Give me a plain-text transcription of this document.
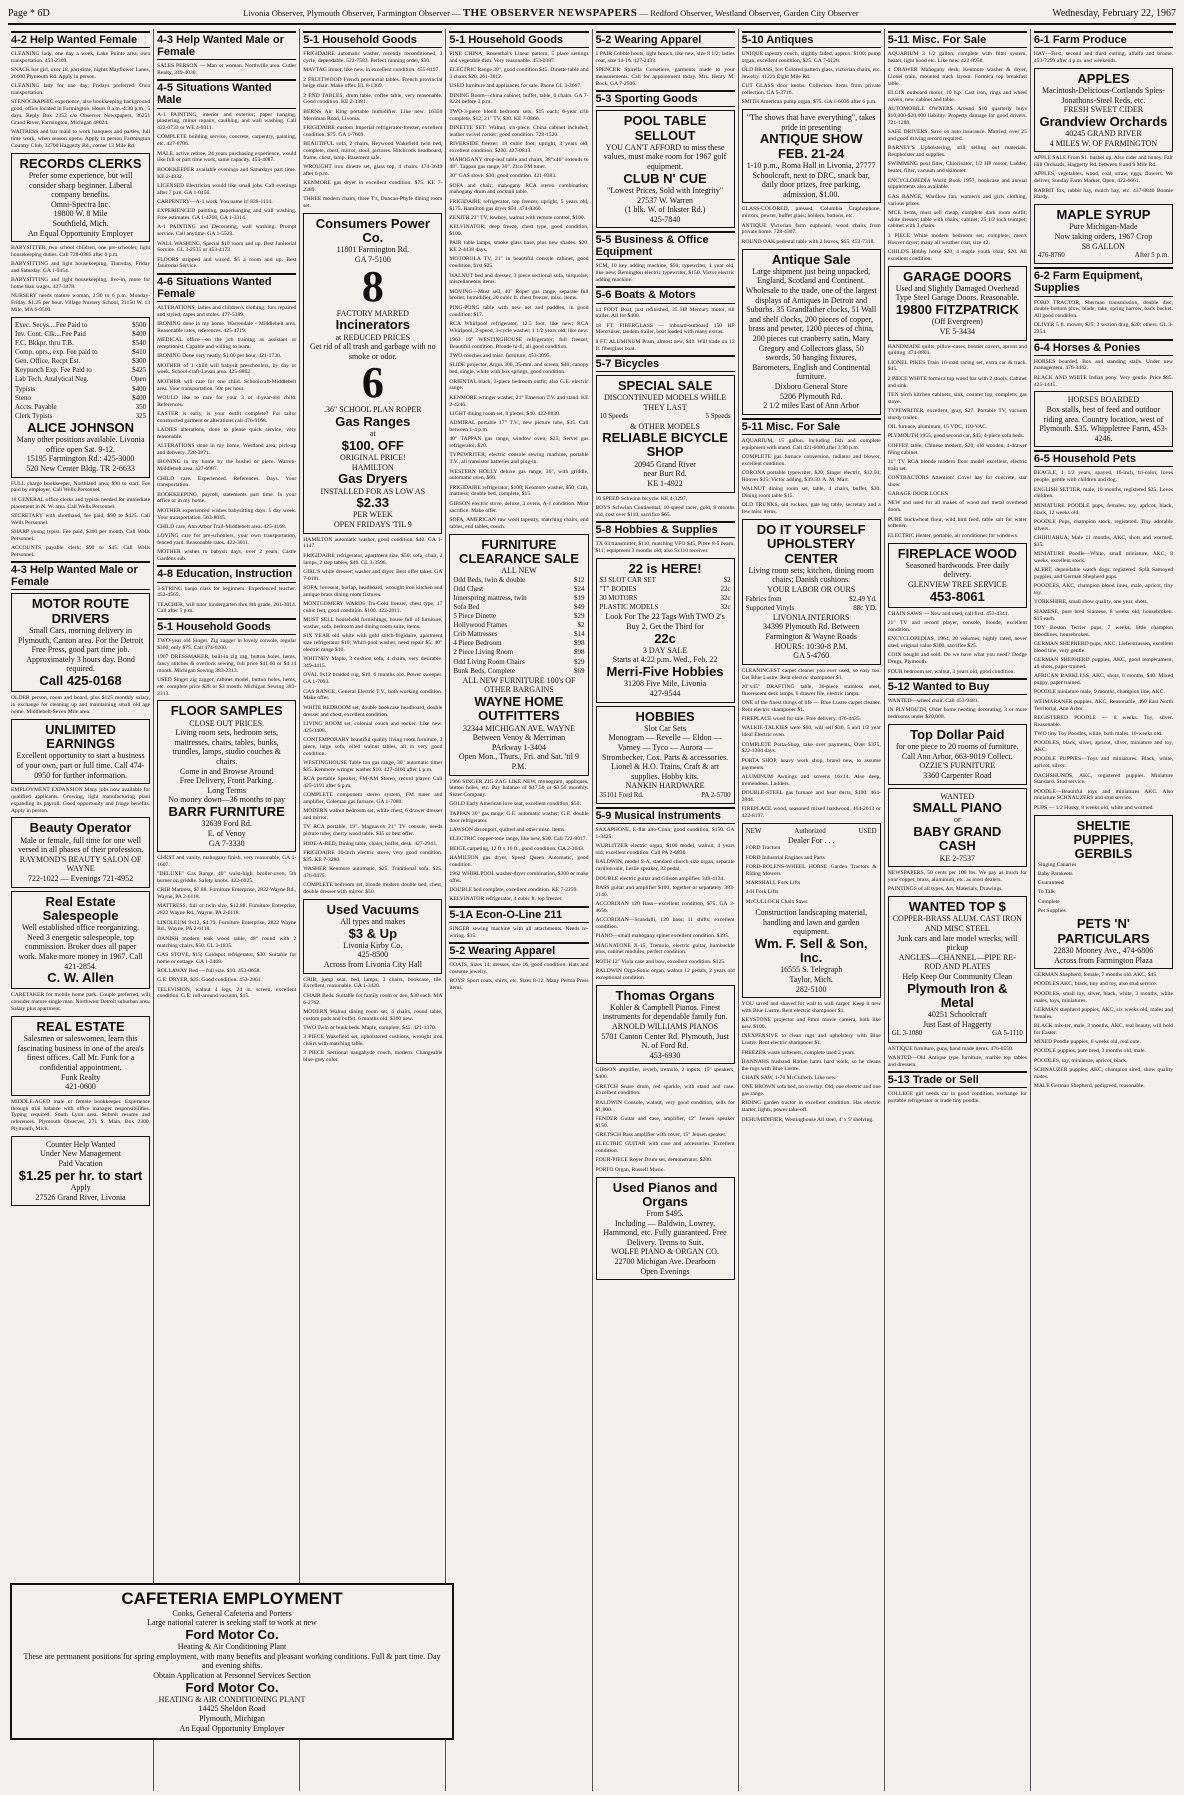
Page * 6D	Livonia Observer, Plymouth Observer, Farmington Observer — THE OBSERVER NEWSPAPERS — Redford Observer, Westland Observer, Garden City Observer	Wednesday, February 22, 1967
4-2 Help Wanted Female

CLEANING lady, one day a week, Lake Pointe area, own transportation. 453-2309.

SNACK bar girl, over 18, part-time, nights Mayflower Lanes, 26600 Plymouth Rd. Apply in person.

CLEANING lady for one day, Fridays preferred. Own transportation.

STENOGRAPHIC experience, also bookkeeping background good, office located in Farmington. Hours 8 a.m.-4:30 p.m., 5 days. Reply Box 2353 c/o Observer Newspapers, 36251 Grand River, Farmington, Michigan 48024.

WAITRESS and bar maid to work banquets and parties, full time work, when season opens. Apply in person Farmington Country Club, 32700 Haggerty Rd., corner 13 Mile Rd.

RECORDS CLERKS
Prefer some experience, but will consider sharp beginner. Liberal company benefits.
Omni-Spectra Inc.
19800 W. 8 Mile
Southfield, Mich.
An Equal Opportunity Employer

BABYSITTER, two school children, one pre-schooler, light housekeeping duties. Call 728-0385 after 6 p.m.

BABYSITTING and light housekeeping, Thursday, Friday and Saturday. GA 1-9454.

BABYSITTING and light housekeeping, live-in, more for home than wages. 427-3478.

NURSERY needs mature woman, 2:30 to 6 p.m. Monday-Friday. $1.25 per hour. Village Nursery School, 31150 W. 13 Mile, MA 6-9500.

Exec. Secys....Fee Paid to	$500
Inv. Cont. Clk....Fee Paid	$400
F.C. Bkkpr. thru T.B.	$540
Comp. oprs., exp. Fee paid to	$410
Gen. Office, Recpt Est.	$300
Keypunch Exp. Fee Paid to	$425
Lab Tech. Analytical Neg.	Open
Typists	$400
Steno	$400
Accts. Payable	350
Clerk Typists	325
ALICE JOHNSON
Many other positions available. Livonia office open Sat. 9-12.
15195 Farmington Rd.: 425-3000
520 New Center Bldg. TR 2-6633

FULL charge bookkeeper, Northland area; $90 to start. Fee paid by employer. Call Wells Personnel.

18 GENERAL office clerks and typists needed for immediate placement in N. W. area. Call Wells Personnel.

SECRETARY with shorthand, fee paid, $90 to $425. Call Wells Personnel.

SHARP young typist. Fee paid, $300 per month. Call Wells Personnel.

ACCOUNTS payable clerk; $90 to $45. Call Wells Personnel.

4-3 Help Wanted Male or Female
MOTOR ROUTE DRIVERS
Small Cars, morning delivery in Plymouth, Canton area. For the Detroit Free Press, good part time job. Approximately 3 hours day. Bond required.
Call 425-0168

OLDER person, room and board, plus $125 monthly salary, in exchange for cleaning up and maintaining small old age home. Middlebelt-Seven Mile area.

UNLIMITED EARNINGS
Excellent opportunity to start a business of your own, part or full time. Call 474-0950 for further information.

EMPLOYMENT EXPANSION Many jobs now available for qualified applicants. Growing, light manufacturing plant expanding its payroll. Good opportunity and fringe benefits. Apply in person.

Beauty Operator
Male or female, full time for one well versed in all phases of their profession.
RAYMOND'S BEAUTY SALON OF WAYNE
722-1022 — Evenings 721-4952
Real Estate Salespeople
Well established office reorganizing. Need 3 energetic salespeople, top commission. Broker does all paper work. Make more money in 1967. Call 421-2854.
C. W. Allen

CARETAKER for mobile home park. Couple preferred, will consider mature single man. Northwest Detroit suburban area. Salary plus apartment.

REAL ESTATE
Salesmen or saleswomen, learn this fascinating business in one of the area's finest offices. Call Mr. Funk for a confidential appointment.
Funk Realty
421-0600

MIDDLE-AGED male or female bookkeeper. Experience through trial balance with office manager responsibilities. Typing required. South Lyon area. Submit resume and references. Plymouth Observer, 271 S. Main, Box 2300, Plymouth, Mich.

Counter Help Wanted
Under New Management
Paid Vacation
$1.25 per hr. to start
Apply
27526 Grand River, Livonia
4-3 Help Wanted Male or Female

SALES PERSON — Man or woman. Northville area. Cutler Realty, 349-4030.

4-5 Situations Wanted Male

A-1 PAINTING, interior and exterior; paper hanging, plastering, minor repairs, caulking, and wall washing. Call 422-0733 or WE 4-0311.

COMPLETE building service, concrete, carpentry, painting, etc. 427-8706.

MALE, active retiree, 24 years purchasing experience, would like full or part time work, same capacity. 453-4087.

BOOKKEEPER available evenings and Saturdays part time. KE 2-4832.

LICENSED Electrician would like small jobs. Call evenings after 7 p.m. GA 1-0456.

CARPENTRY—A-1 work. You name it! 838-1114.

EXPERIENCED painting, paperhanging and wall washing. Free estimates. GA 1-4768, GA 1-3314.

A-1 PAINTING and Decorating, wall washing. Prompt service. Call anytime. GA 1-5523.

WALL WASHING, Special $10 room and up. Best Janitorial Service. GL 3-2535 or 453-4173.

FLOORS stripped and waxed. $5 a room and up. Best Janitorial Service.

4-6 Situations Wanted Female

ALTERATIONS, ladies and children's clothing; furs repaired and styled, capes and stoles. 477-5389.

IRONING done in my home. Warrendale - Middlebelt area. Reasonable rates, references. 425-4719.

MEDICAL office—on the job training as assistant or receptionist. Capable and willing to learn.

IRONING Done very neatly, $1.00 per hour. 421-1730.

MOTHER of 1 child will babysit preschoolers, by day or week. School-craft-Levan area. 425-8802.

MOTHER will care for one child. Schoolcraft-Middlebelt area. Your transportation. 50c per hour.

WOULD like to care for your 3 or 4-year-old child. References.

EASTER is early, is your outfit complete? For tailor constructed garment or alterations call 476-9168.

LADIES alterations, done to please quick service, very reasonable.

ALTERATIONS done in my home, Westland area, pick-up and delivery. 728-3871.

IRONING in my home by the bushel or piece. Warren-Middlebelt area. 427-6987.

CHILD care. Experienced. References. Days. Your transportation.

BOOKKEEPING, payroll, statements part time. In your office or in my home.

MOTHER experienced wishes babysitting days. 5 day week. Your transportation. 563-8045.

CHILD care, Ann Arbor Trail-Middlebelt area. 425-4168.

LOVING care for pre-schoolers, your own transportation, fenced yard. Reasonable rates. 422-3011.

MOTHER wishes to babysit days, over 2 years. Castle Gardens sub.

4-8 Education, Instruction

3-STRING banjo class for beginners. Experienced teacher. 453-4565.

TEACHER, will tutor kindergarten thru 8th grade, 261-3014. Call after 5 p.m.

5-1 Household Goods

TWO-year old Singer. Zig zagger in lovely console, regular $360, only $75. Call 474-6200.

1967 DRESSMAKER, built-in zig zag, button holes, hems, fancy stitches & overlock sewing, full price $41.60 or $4.14 month. Michigan Sewing 383-2313.

USED Singer zig zagger, cabinet model, button holes, hems, etc. complete price $28 or $3 month. Michigan Sewing 383-2313.

FLOOR SAMPLES
CLOSE OUT PRICES.
Living room sets, bedroom sets, mattresses, chairs, tables, bunks, trundles, lamps, studio couches & chairs.
Come in and Browse Around
Free Delivery, Front Parking.
Long Terms
No money down—36 months to pay
BARR FURNITURE
32639 Ford Rd.
E. of Venoy
GA 7-3330

CHEST and vanity, mahogany finish, very reasonable, GA 1-1607.

"DELUXE" Gas Range, 40" waist-high, broiler-oven, 5th burner on griddle. Safety knobs. 422-6925.

CRIB Mattress, $7.88. Furniture Enterprise, 2822 Wayne Rd., Wayne, PA 2-6118.

MATTRESS, full or twin size, $12.88. Furniture Enterprise, 2822 Wayne Rd., Wayne, PA 2-6118.

LINOLEUM 9x12, $4.79. Furniture Enterprise, 2822 Wayne Rd., Wayne, PA 2-6118.

DANISH modern teak wood table, 48" round with 2 matching chairs, $50. GL 3-1835.

GAS STOVE, $15; Coldspot refrigerator, $30. Suitable for home or cottage. GA 1-3468.

ROLLAWAY Bed — full size. $10. 453-0658.

G.E. DRYER, $35. Good condition. 453-2061.

TELEVISION, walnut 4 legs, 24 in. screen, excellent condition. G.E. roll-around vacuum, $15.

5-1 Household Goods

FRIGIDAIRE automatic washer, recently reconditioned, 3 cycle, dependable. 522-7583. Perfect running order, $30.

MAYTAG ironer, like new, in excellent condition. 455-8197.

2 FRUITWOOD French provincial tables. French provincial beige chair. Make offer. EL 8-1369.

2 END TABLES, drum table, coffee table, very reasonable. Good condition. KE 2-3381.

BERNS Air King portable humidifier. Like new. 16350 Merriman Road, Livonia.

FRIGIDAIRE custom Imperial refrigerator-freezer, excellent condition. $75. GA 1-7609.

BEAUTIFUL sofa, 2 chairs, Heywood Wakefield twin bed, complete, chest, mirror, stool, pictures. Hitchcock headboard, frame, chest, lamp. Basement sale.

WROUGHT iron dinette set, glass top, 4 chairs. 474-3649 after 6 p.m.

KENMORE gas dryer in excellent condition. $75. KE 7-2389.

THREE modern chairs, three T's, Duncan-Phyfe dining room set.

Consumers Power Co.
11801 Farmington Rd.
GA 7-5100
8
FACTORY MARRED
Incinerators
at REDUCED PRICES
Get rid of all trash and garbage with no smoke or odor.
6
.36" SCHOOL PLAN ROPER
Gas Ranges
at
$100. OFF
ORIGINAL PRICE!
HAMILTON
Gas Dryers
INSTALLED FOR AS LOW AS
$2.33
PER WEEK
OPEN FRIDAYS 'TIL 9

HAMILTON automatic washer, good condition. $40. GA 1-1147.

FRIGIDAIRE refrigerator, apartment size, $50; sofa, chair, 2 lamps, 2 step tables, $40. GL 3-3596.

GIRL'S white dresser; washer and dryer. Best offer takes. GA 7-0181.

SOFA, loveseat, burlap, headboard, wrought iron kitchen and antique brass dining room fixtures.

MONTGOMERY WARDS Tru-Cold freezer, chest type, 17 cubic feet, good condition. $100. 422-2011.

MUST SELL household furnishings, house full of furniture, washer, sofa, bedroom and dining room suite, items.

SIX YEAR old white with gold stitch-frigidaire, apartment size refrigerator $10; Whirl-pool washer, need repair $5; 40" electric range $10.

WHITNEY Maple, 3 cushion sofa, 4 chairs, very desirable. 349-4415.

OVAL 9x12 braided rug, $10. 6 months old. Power sweeper. GA 1-7093.

GAS RANGE, General Electric T.V., both working condition. Make offer.

WHITE BEDROOM set, double bookcase headboard, double dresser and chest, excellent condition.

LIVING ROOM set, colonial couch and rocker. Like new. 425-3408.

CONTEMPORARY beautiful quality living room furniture, 3 piece, large sofa, oiled walnut tables, all in very good condition.

WESTINGHOUSE Table ton gas range, 30" automatic timer $35. Kenmore wringer washer $10. 427-4460 after 1 p.m.

RCA portable Speaker, FM-AM Stereo, record player. Call 425-1191 after 6 p.m.

COMPLETE component stereo system, FM tuner and amplifier, Coleman gas furnace. GA 1-7080.

MODERN walnut bedroom set, white chest, 6 drawer dresser and mirror.

TV RCA portable, 19". Magnavox 21" TV console, needs picture tube; cherry wood table. $35 or best offer.

HIDE-A-BED, Dining table, chairs, buffet, desk. 427-2943.

FRIGIDAIRE 30-inch electric stove, very good condition. $35. KE 7-3280.

WASHER Kenmore automatic, $25. Traditional sofa. $25. 476-0475.

COMPLETE bedroom set, blonde modern double bed, chest, double dresser with mirror. $50.

Used Vacuums
All types and makes
$3 & Up
Livonia Kirby Co.
425-8500
Across from Livonia City Hall

CRIB, jump seat, bed, lamps, 3 chairs, bookcase, tile. Excellent, reasonable. GA 1-3420.

CHAIR Beds. Suitable for family room or den, $30 each. MA 6-2762.

MODERN Walnut dining room set, 4 chairs, round table, custom pads and buffet. 6 months old. $300 new.

TWO Twin or bunk beds. Maple, complete, $45. 421-1370.

3 PIECE Wakefield set, upholstered cushions, wrought iron chairs with matching table.

3 PIECE Sectional naugahyde couch, modern. Changeable blue-grey color.

5-1 Household Goods

FINE CHINA, Rosenthal's Linear pattern, 5 place settings and vegetable dish. Very reasonable. 453-0387.

ELECTRIC Range 30", good condition $45. Dinette table and 3 chairs $20. 261-3812.

USED furniture and appliances for sale. Phone GL 3-3667.

DINING Room—china cabinet, buffet, table, 6 chairs. GA 7-8224 before 3 p.m.

TWO-3-piece blond bedroom sets, $15 each; 6-year crib complete, $12; 21" TV, $30. KE 7-0866.

DINETTE SET: Walnut, six-piece. China cabinet included; leather swivel rocker; good condition. 728-1520.

RIVERSIDE freezer; 18 cubic foot; upright, 3 years old, excellent condition. $200. 427-0813.

MAHOGANY drop-leaf table and chairs, 38"x46" extends to 48". Tappan gas range, 30". Zlco FM tuner.

30" GAS stove. $30; good condition. 421-8383.

SOFA and chair; mahogany RCA stereo combination; mahogany drum and cocktail table.

FRIGIDAIRE refrigerator, top freezer, upright, 5 years old, $175. Hamilton gas dryer $50. 474-8360.

ZENITH 23" TV, lowboy, walnut with remote control, $100.

KELVINATOR, deep freeze, chest type, good condition, $100.

PAIR table lamps, smoke glass base, plus new shades. $20. KE 2-4438 days.

MOTOROLA TV, 21" in beautiful console cabinet, good condition, first $25.

WALNUT bed and dresser; 3 piece sectional sofa, turquoise; miscellaneous items.

MOVING—Must sell, 40" Roper gas range, separate full broiler, humidifier, 20 cubic ft. chest freezer, misc. items.

PING-PONG table with new net and paddles, in good condition; $17.

RCA Whirlpool refrigerator, 12.5 foot, like new; RCA Whirlpool, 2-speed, 3-cycle washer; 1 1/2 years old; like new.

1963 16" WESTINGHOUSE refrigerator; full freezer, Beautiful condition. Blonde hi-fi, all good condition.

TWO couches and misc. furniture. 453-3095.

SLIDE projector, Argus 300, 35-mm. and screen, $40; canopy bed, single, white with box springs, good condition.

ORIENTAL black, 3-piece bedroom outfit; also G.E. electric range.

KENMORE wringer washer, 21" Emerson T.V. and stand. KE 2-4246.

LIGHT dining room set, 8 pieces, $40. 422-8830.

ADMIRAL portable 17" T.V., new picture tube, $35. Call between 1-4 p.m.

40" TAPPAN gas range, window oven, $25; Servel gas refrigerator, $20.

TYPEWRITER, electric console sewing machine, portable T.V., all transistor batteries and plug-in.

WESTERN HOLLY deluxe gas range, 36", with griddle, automatic oven, $60.

FRIGIDAIRE refrigerator, $100; Kenmore washer, $50; Crib, mattress; double bed, complete, $15.

GIBSON electric stove, deluxe, 3 ovens, A-1 condition. Must sacrifice. Make offer.

SOFA, AMERICAN raw wool tapestry, matching chairs, end tables, end tables, couch.

FURNITURE CLEARANCE SALE
ALL NEW
Odd Beds, twin & double	$12
Odd Chest	$24
Innerspring mattress, twin	$19
Sofa Bed	$49
5 Piece Dinette	$29
Hollywood Frames	$2
Crib Mattresses	$14
4 Piece Bedroom	$98
2 Piece Living Room	$98
Odd Living Room Chairs	$29
Bunk Beds, Complete	$69
ALL NEW FURNITURE 100's OF OTHER BARGAINS
WAYNE HOME OUTFITTERS
32344 MICHIGAN AVE. WAYNE
Between Venoy & Merriman
PArkway 1-3404
Open Mon., Thurs., Fri. and Sat. 'til 9 P.M.

1966 SINGER ZIG ZAG LIKE NEW, monogram, appliques, button holes, etc. Pay balance of $47.50 or $3.50 monthly. Sister Company.

GOLD Early American love seat, excellent condition, $50.

TAPPAN 30" gas range; G.E. automatic washer; G.E. double door refrigerator.

LAWSON davenport, quilted and other misc. items.

ELECTRIC copper-tone range, like new, $30. Call 722-8017.

BEIGE carpeting, 12 ft x 16 ft., good condition. GA 2-3643.

HAMILTON gas dryer, Speed Queen Automatic, good condition.

1962 WHIRLPOOL washer-dryer combination, $200 or make offer.

DOUBLE bed complete, excellent condition. KE 7-2259.

KELVINATOR refrigerator, 4 cubic ft. top freezer.

5-1A Econ-O-Line 211

SINGER sewing machine with all attachments. Needs re-wiring. $15.

5-2 Wearing Apparel

COATS, Sizes 14; dresses, size 16, good condition. Hats and costume jewelry.

BOYS' Sport coats, shirts, etc. Sizes 8-12. Many Perma Press items.

5-2 Wearing Apparel

1 PAIR Cobble boots, light brown, like new, size 8 1/2; ladies coat, size 14-16. 427-2433.

SPENCER Spirella Corsetiere, garments made to your measurements. Call for appointment today. Mrs. Henry M. Bock, GA 7-2506.

5-3 Sporting Goods
POOL TABLE SELLOUT
YOU CAN'T AFFORD to miss these values, must make room for 1967 golf equipment.
CLUB N' CUE
"Lowest Prices, Sold with Integrity"
27537 W. Warren
(1 blk. W. of Inkster Rd.)
425-7840
5-5 Business & Office Equipment

SCM, 10 key adding machine, $50; typewriter, 1 year old, like new; Remington electric typewriter, $150. Victor electric adding machine.

5-6 Boats & Motors

14 FOOT Boat, just refinished, 35 HP Mercury motor, tilt trailer. All for $400.

18 FT. FIBERGLASS — inboard-outboard 150 HP Mercruiser, tandem trailer, boat loaded with many extras.

8 FT. ALUMINUM Pram, almost new, $40. Will trade on 12 ft. fiberglass boat.

5-7 Bicycles
SPECIAL SALE
DISCONTINUED MODELS WHILE THEY LAST
10 Speeds	5 Speeds
& OTHER MODELS
RELIABLE BICYCLE SHOP
20945 Grand River
near Burt Rd.
KE 1-4922

10 SPEED Schwinn bicycle. KE 4-3297.

BOYS Schwinn Continental, 10-speed racer, gold, 8 months old, cost over $110, sacrifice $65.

5-8 Hobbies & Supplies

TX 63 transmitter, $110, matching VFO $45, Pince 8-5 bearn, $11; equipment 3 months old; also 5x110 receiver.

22 is HERE!
$3 SLOT CAR SET	$2
"T" BODIES	22c
30 MOTORS	32c
PLASTIC MODELS	32c
Look For The 22 Tags With TWO 2's
Buy 2, Get the Third for
22c
3 DAY SALE
Starts at 4:22 p.m. Wed., Feb. 22
Merri-Five Hobbies
31208 Five Mile, Livonia
427-9544
HOBBIES
Slot Car Sets
Monogram — Revelle — Eldon — Varney — Tyco — Aurora — Strombecker, Cox. Parts & accessories. Lionel & H.O. Trains, Craft & art supplies. Hobby kits.
NANKIN HARDWARE
35101 Ford Rd.	PA 2-5700
5-9 Musical Instruments

SAXAPHONE, E-flat alto-Conn; good condition, $150. GA 1-3425.

WURLITZER electric organ, $100 model, walnut, 4 years old; excellent condition. Call PA 2-6830.

BALDWIN, model S-A, standard church size organ, separate carillon unit, Leslie speaker, 32 pedal.

DOUBLE electric guitar and Gibson amplifier. 349-4134.

BASS guitar and amplifier $100; together or separately. 383-2140.

ACCORDIAN 120 Bass—excellent condition, $75. GA 3-4656.

ACCORDIAN—Scandalli, 120 bass; 11 shifts; excellent condition.

PIANO—small mahogany spinet excellent condition. $395.

MAGNATONE X-15, Tremolo, electric guitar, humbuckle plus, cabinet modules, perfect condition.

ROTH 12" Viola case and bow, excellent condition. $125.

BALDWIN Orga-Sonic organ, walnut 12 pedals, 2 years old exceptional condition.

Thomas Organs
Kohler & Campbell Pianos. Finest instruments for dependable family fun.
ARNOLD WILLIAMS PIANOS
5701 Canton Center Rd. Plymouth, Just N. of Ford Rd.
453-6930

GIBSON amplifier, reverb, tremolo, 2 inputs, 15" speakers, $400.

GRETCH Snare drum, red sparkle, with stand and case. Excellent condition.

BALDWIN Console, walnut, very good condition, sells for $1,800.

FENDER Guitar and case, amplifier, 12" Jensen speaker $150.

GRETSCH Bass amplifier with cover, 15" Jensen speaker.

ELECTRIC GUITAR with case and accessories. Excellent condition.

FOUR-PIECE Royer Drum set, demonstrator. $200.

PORTO Organ, Russell Music.

Used Pianos and Organs
From $495.
Including — Baldwin, Lowrey, Hammond, etc. Fully guaranteed. Free Delivery. Terms to Suit.
WOLFE PIANO & ORGAN CO.
22700 Michigan Ave. Dearborn
Open Evenings
5-10 Antiques

UNIQUE tapestry couch, slightly faded, approx. $100; pump organ, excellent condition, $25. GA 7-0128.

OLD BRASS, Ice: Colored pattern glass, victorian chairs, etc. Jewelry. 41221 Eight Mile Rd.

CUT GLASS door knobs. Collectors items from private collection. GA 5-3716.

SMITH American pump organ, $75. GA 1-6036 after 6 p.m.

"The shows that have everything", takes pride in presenting
ANTIQUE SHOW
FEB. 21-24
1-10 p.m., Roma Hall in Livonia, 27777 Schoolcraft, next to DRC, snack bar, daily door prizes, free parking, admission, $1.00.

GLASS-COLORED, pressed; Columbia Graphophone, mirrors, pewter, buffet glass; holders, buttons, etc.

ANTIQUE Victorian farm cupboard, wood chairs from private home. 728-4307.

ROUND OAK pedestal table with 2 leaves, $65. 453-7318.

Antique Sale
Large shipment just being unpacked, England, Scotland and Continent. Wholesale to the trade, one of the largest displays of Antiques in Detroit and Suburbs. 35 Grandfather clocks, 51 Wall and shelf clocks, 200 pieces of copper, brass and pewter, 1200 pieces of china, 200 pieces cut cranberry satin, Mary Gregory and Collectors glass, 50 swords, 50 hanging fixtures, Barometers, English and Continental furniture.
Dixboro General Store
5206 Plymouth Rd.
2 1/2 miles East of Ann Arbor
5-11 Misc. For Sale

AQUARIUM, 15 gallon, including fish and complete equipment with stand. Call 421-6000 after 3:30 p.m.

COMPLETE gas furnace conversion, radiator and blower, excellent condition.

CORONA portable typewriter, $20; Singer electric, $12.50; Hoover $15; Victor adding, $39.50. A. M. Mart.

WALNUT dining room set, table, 4 chairs, buffet, $30. Dining room table $15.

OLD TRUNKS, old rockers, gate leg table, secretary and a few misc items.

DO IT YOURSELF UPHOLSTERY CENTER
Living room sets; kitchen, dining room chairs; Danish cushions.
YOUR LABOR OR OURS
Fabrics from	$2.49 Yd.
Supported Vinyls	88c YD.
LIVONIA INTERIORS
34399 Plymouth Rd. Between Farmington & Wayne Roads
HOURS: 10:30-8 P.M.
GA 5-4760

CLEANINGEST carpet cleaner you ever used, so easy too. Get Blue Lustre. Rent electric shampooer $1.

20"x45" DRAFTING table, 36-piece stainless steel, fluorescent desk lamps, 6 drawer file, electric lamps.

ONE of the finest things of life — Blue Lustre carpet cleaner. Rent electric shampooer $1.

FIREPLACE wood for sale. Free delivery. 476-4435.

WALKIE-TALKIES were $60, will sell $30, 5 and 1/2 year Ideal Electric oven.

COMPLETE Porta-Shop, take over payments, Over $375, $22-1304 days.

PORTA SHOP, heavy work shop, brand new, to assume payments.

ALUMINUM Awnings and screens 16x14. Also deep, tremendous. Ladders.

DOUBLE-STEEL gas furnace and heat ducts, $100. 464-2844.

FIREPLACE wood, seasoned mixed hardwood, 464-2013 or 422-8197.

NEW	Authorized	USED
Dealer For . . .

FORD Tractors

FORD Industrial Engines and Parts

FORD-BOLENS-WHEEL HORSE Garden Tractors & Riding Mowers

MARSHALL Fork Lifts

4-H Fork Lifts

McCULLOCH Chain Saws

Construction landscaping material, handling and lawn and garden equipment.
Wm. F. Sell & Son, Inc.
16555 S. Telegraph
Taylor, Mich.
282-5100

YOU saved and shaved for wall to wall carpet. Keep it new with Blue Lustre. Rent electric shampooer $1.

KEYSTONE projector and 8mm movie camera, both like new. $100.

INEXPENSIVE to clean rugs and upholstery with Blue Lustre. Rent electric shampooer $1.

FREEZER waste softeners, complete used 2 years.

HANNAHS husband Harlan hates hard work, so he cleans the rugs with Blue Lustre.

CHAIN SAW, 1-70 McCulloch. Like new.

ONE BROWN sofa bed, no overlay. Old, one electric and one gas range.

RIDING garden tractor in excellent condition. Has electric starter, lights, power take-off.

DEHUMIDIFIER, Westinghouse All steel, 4' x 5' shelving.

5-11 Misc. For Sale

AQUARIUM 3 1/2 gallon, complete with filter system, heater, light hood etc. Like new. 422-8958.

4 DRAWER Mahogany desk, Kenmore washer & dryer, Lionel train, mounted track layout. Formica top breakfast table.

ELGIN outboard motor, 10 h.p. Cast iron, rings and wheel covers, new cabinet and table.

AUTOMOBILE OWNERS Around $10 quarterly buys $10,000-$20,000 liability. Property damage for good drivers. 721-1288.

SAFE DRIVERS. Save on auto insurance. Married, over 25 and good driving record required.

BARNEY'S Upholstering, still selling out materials. Reupholster and supplies.

SWIMMING pool filter, Chlorinator, 1/2 HP motor, Ladder, heater, filter, vacuum and skimmer.

ENCYCLOPEDIA World Book 1957, bookcase and annual supplements also available.

GAS RANGE, Wardlow fan, women's and girls clothing, various prices.

NICE items, must sell cheap, complete dark room outfit; white dresser; table with chairs; cabinet; 25 1/2 inch trumpet; cabinet with 3 chairs.

3 PIECE White modern bedroom set; complete; men's Hoover dryer; many all weather coat, size 42.

CHILD'S Hobby horse $20, 4 maple youth chair, $20. All excellent condition.

GARAGE DOORS
Used and Slightly Damaged Overhead Type Steel Garage Doors. Reasonable.
19800 FITZPATRICK
(Off Evergreen)
VE 5-3434

HANDMADE quilts, pillow-cases, bootier covers, aprons and quilting. 474-8801.

LIONEL PIKES Train 16-road racing set, extra car & track. $45.

2 PIECE WHITE formica top wood bar with 2 stools. Cabinet and sink.

TEN birch kitchen cabinets, sink, counter top, complete; gas stove.

TYPEWRITER, excellent, gray, $27. Portable TV, vacuum sturdy trailer.

OIL furnace, aluminum, 15 VDC, 110-VAC.

PLYMOUTH 1955, good second car, $45; 4-piece sofa beds.

COFFEE table, Chinese modern, $20; old wooden, 4-drawer filing cabinet.

31" TV RCA blonde modern floor model excellent, electric train set.

CONTRACTORS Attention! Cover hay for concrete, star show.

GARAGE DOOR LOCKS

NEW and used for all makes of wood and metal overhead doors.

PURE buckwheat flour, wild bird feed, table salt for water softener.

ELECTRIC Heater, portable, air conditioner for windows.

FIREPLACE WOOD
Seasoned hardwoods. Free daily delivery.
GLENVIEW TREE SERVICE
453-8061

CHAIN SAWS — New and used, call first. 453-4341.

21" TV and record player, console, blonde, excellent condition.

ENCYCLOPEDIAS, 1964, 20 volumes, highly rated, never used, original value $300, sacrifice $25.

COIN bought and sold. Do we have what you need? Dodge Drugs, Plymouth.

FOUR bedroom set, walnut, 3 years old, good condition.

5-12 Wanted to Buy

WANTED—wheel chair. Call 453-9481.

IN PLYMOUTH, Older home needing decorating, 3 or more bedrooms under $20,000.

Top Dollar Paid
for one piece to 20 rooms of furniture. Call Ann Arbor, 663-9019 Collect.
OZZIE'S FURNITURE
3360 Carpenter Road
WANTED
SMALL PIANO
or
BABY GRAND
CASH
KE 2-7537

NEWSPAPERS, 50 cents per 100 lbs. We pay as much for your copper, brass, aluminum, etc. as most dealers.

PAINTINGS of all types, Art, Materials, Drawings.

WANTED TOP $
COPPER-BRASS ALUM. CAST IRON AND MISC STEEL
Junk cars and late model wrecks, will pickup
ANGLES—CHANNEL—PIPE RE-ROD AND PLATES
Help Keep Our Community Clean
Plymouth Iron & Metal
40251 Schoolcraft
Just East of Haggerty
GL 3-1080	GA 5-1110

ANTIQUE furniture, guns, hand made items. 476-0550.

WANTED—Old Antique type furniture, marble top tables and dressers.

5-13 Trade or Sell

COLLEGE girl needs car in good condition, exchange for portable refrigerator or trade tiny poodle.

6-1 Farm Produce

HAY—First, second and third cutting, alfalfa and brome. 453-7299 after 4 p.m. and weekends.

APPLES
Macintosh-Delicious-Cortlands Spies-Jonathons-Steel Reds, etc.
FRESH SWEET CIDER
Grandview Orchards
40245 GRAND RIVER
4 MILES W. OF FARMINGTON

APPLE SALE From $1. bushel up. Also cider and honey. Fair Hill Orchards, Haggerty Rd. between 8 and 9 Mile Rd.

APPLES, vegetables, wood, coal, straw, eggs, flowers. We deliver, Sunday Farm Market, Open, 422-6661.

RABBIT fox, rabbit hay, mulch hay, etc. 437-8840 Bonnie Hardy.

MAPLE SYRUP
Pure Michigan-Made
Now taking orders, 1967 Crop
$8 GALLON
476-8760	After 5 p.m.
6-2 Farm Equipment, Supplies

FORD TRACTOR, Sherman transmission, double disc, double bottom plow, blade, rake, spring harrow, back bucket. All good condition.

OLIVER 5 ft. mower, $25; 3 section drag, $20; others. GL 3-2354.

6-4 Horses & Ponies

HORSES boarded. Box and standing stalls. Under new management. 476-3442.

BLACK AND WHITE Indian pony. Very gentle. Price $85. 425-1445.

HORSES BOARDED
Box stalls, best of feed and outdoor riding area. Country location, west of Plymouth. $35. Whippletree Farm, 453-4246.
6-5 Household Pets

BEAGLE, 1 1/2 years, spayed, 16-inch, tri-color, loves people, gentle with children and dog.

ENGLISH SETTER, male, 10 months, registered $25. Loves children.

MINIATURE POODLE pups, females, toy, apricot, black, black, 12 weeks old.

POODLE Pups, champion stock, registered. Tiny adorable silvers.

CHIHUAHUA, Male 11 months, AKC, shots and wormed. $35.

MINIATURE Poodle—White, small miniature, AKC, 8 weeks, excellent stock.

ALERT, dependable watch dogs; registered. Split Samoyed puppies, and German Shepherd pups.

POODLES, AKC, champion blood lines, male, apricot, tiny toy.

YORKSHIRE, small show quality, one year, shots.

SIAMESE, pure bred Siamese, 8 weeks old, housebroken. $15 each.

TOY Boston Terrier pups, 7 weeks, little champion bloodlines, housebroken.

GERMAN SHEPHERD pups, AKC, Lieferstrassen, excellent blood line, very gentle.

GERMAN SHEPHERD puppies, AKC, good temperament, all shots, paper-trained.

AFRICAN BARKLESS, AKC, shots, 6 months, $40. Mixed puppy, paper trained.

POODLE miniature male, 9 months, champion line, AKC.

WEIMARANER puppies, AKC, Reasonable, 460 East North Territorial, Ann Arbor.

REGISTERED POODLE — 8 weeks. Toy, silver. Reasonable.

TWO tiny Toy Poodles, white, both males. 10-weeks old.

POODLES, black, silver, apricot, silver, miniature and toy, AKC.

POODLE PUPPIES—Toys and miniatures. Black, white, apricot, silver.

DACHSHUNDS, AKC, registered puppies. Miniature Standard. Stud service.

POODLE—Beautiful toys and miniatures AKC. Also miniature SCHNAUZERS and stud service.

PUPS — 1/2 Husky, 8 weeks old, white and wormed.

SHELTIE
PUPPIES,
GERBILS

Singing Canaries

Baby Parakeets

Guaranteed

To Talk

Complete

Pet Supplies

PETS 'N' PARTICULARS
22830 Mooney Ave., 474-6806
Across from Farmington Plaza

GERMAN Shepherd, female, 7 months old. AKC, $45.

POODLES AKC, black, tiny and toy, also stud service.

POODLES, small toy, silver, black, white, 3 months, white males, toys, miniatures.

GERMAN shepherd puppies, AKC, six weeks old, males and females.

BLACK mix-ter, male, 3 months, AKC, real beauty, will hold for Easter.

MIXED Poodle puppies, 6 weeks old, real cute.

POODLE puppies, pure bred, 3 months old, male.

POODLES, toy, miniature, apricot, black.

SCHNAUZER puppies, AKC, champion sired, show quality males.

MALE German Shepherd, pedigreed, reasonable.

CAFETERIA EMPLOYMENT
Cooks, General Cafeteria and Porters
Large national caterer is seeking staff to work at new
Ford Motor Co.
Heating & Air Conditioning Plant
These are permanent positions for spring employment, with many benefits and pleasant working conditions. Full & part time. Day and evening shifts.
Obtain Application at Personnel Services Section
Ford Motor Co.
HEATING & AIR CONDITIONING PLANT
14425 Sheldon Road
Plymouth, Michigan
An Equal Opportunity Employer
